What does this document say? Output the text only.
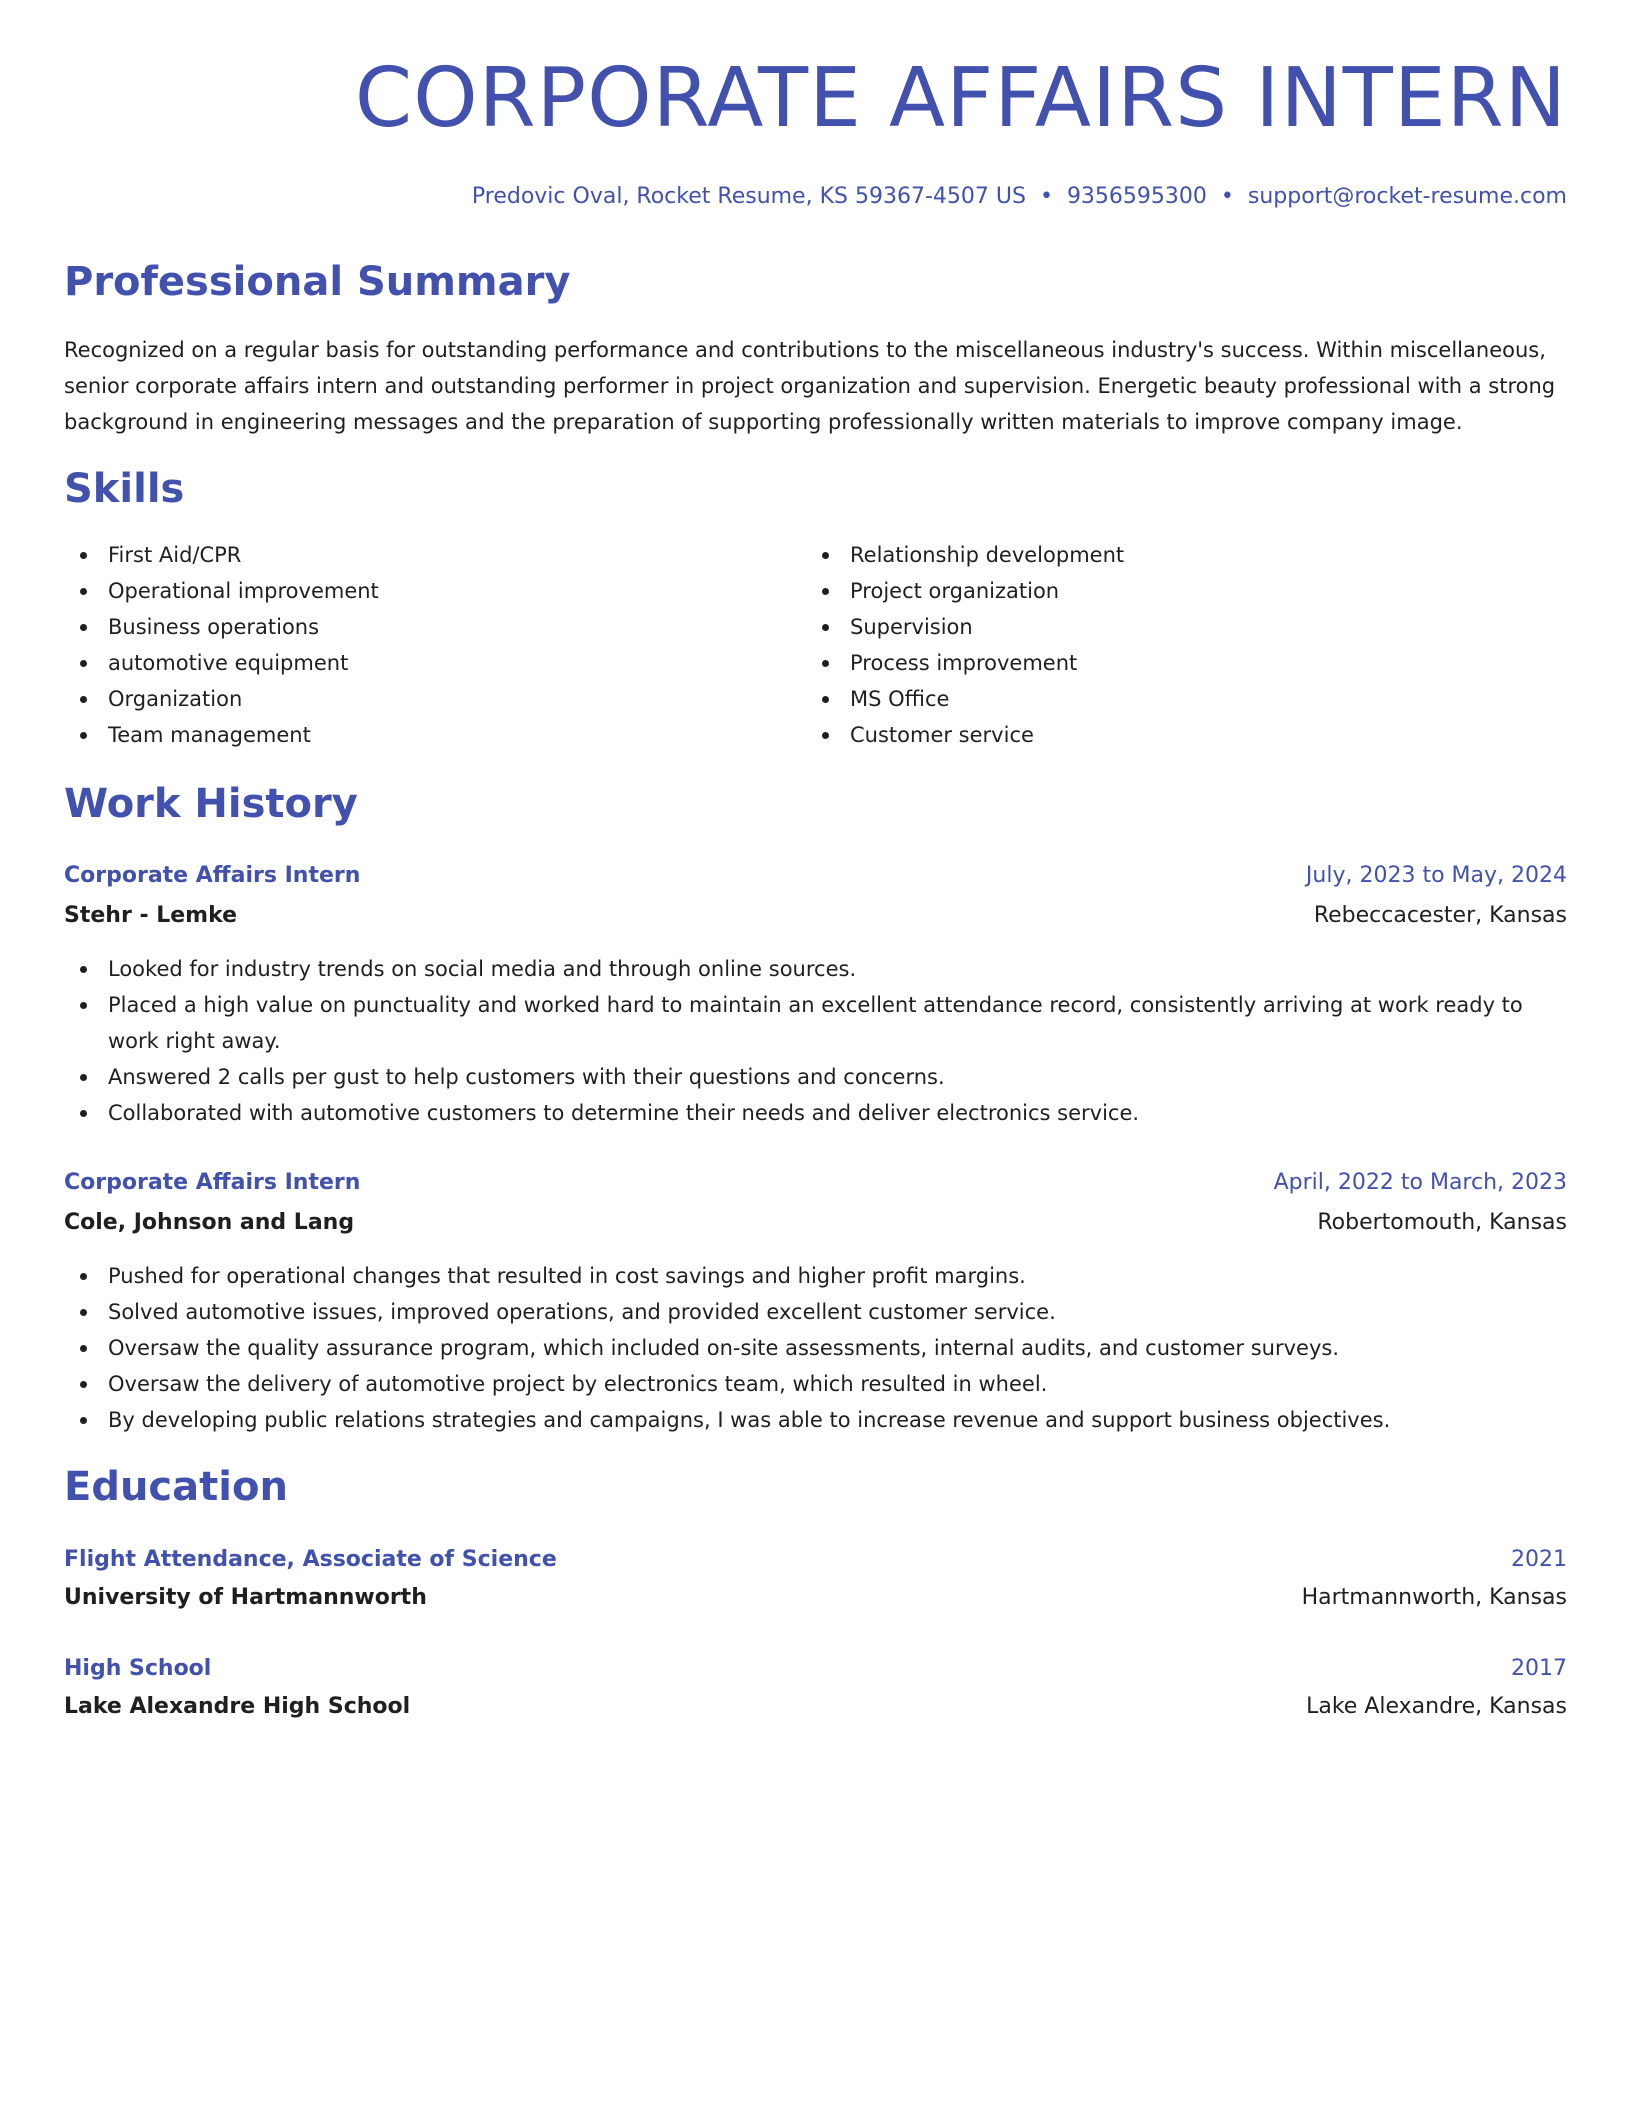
CORPORATE AFFAIRS INTERN
Predovic Oval, Rocket Resume, KS 59367-4507 US • 9356595300 • support@rocket-resume.com
Professional Summary

Recognized on a regular basis for outstanding performance and contributions to the miscellaneous industry's success. Within miscellaneous, senior corporate affairs intern and outstanding performer in project organization and supervision. Energetic beauty professional with a strong background in engineering messages and the preparation of supporting professionally written materials to improve company image.

Skills
First Aid/CPR
Operational improvement
Business operations
automotive equipment
Organization
Team management
Relationship development
Project organization
Supervision
Process improvement
MS Office
Customer service
Work History
Corporate Affairs Intern	July, 2023 to May, 2024
Stehr - Lemke	Rebeccacester, Kansas
Looked for industry trends on social media and through online sources.
Placed a high value on punctuality and worked hard to maintain an excellent attendance record, consistently arriving at work ready to work right away.
Answered 2 calls per gust to help customers with their questions and concerns.
Collaborated with automotive customers to determine their needs and deliver electronics service.
Corporate Affairs Intern	April, 2022 to March, 2023
Cole, Johnson and Lang	Robertomouth, Kansas
Pushed for operational changes that resulted in cost savings and higher profit margins.
Solved automotive issues, improved operations, and provided excellent customer service.
Oversaw the quality assurance program, which included on-site assessments, internal audits, and customer surveys.
Oversaw the delivery of automotive project by electronics team, which resulted in wheel.
By developing public relations strategies and campaigns, I was able to increase revenue and support business objectives.
Education
Flight Attendance, Associate of Science	2021
University of Hartmannworth	Hartmannworth, Kansas
High School	2017
Lake Alexandre High School	Lake Alexandre, Kansas
